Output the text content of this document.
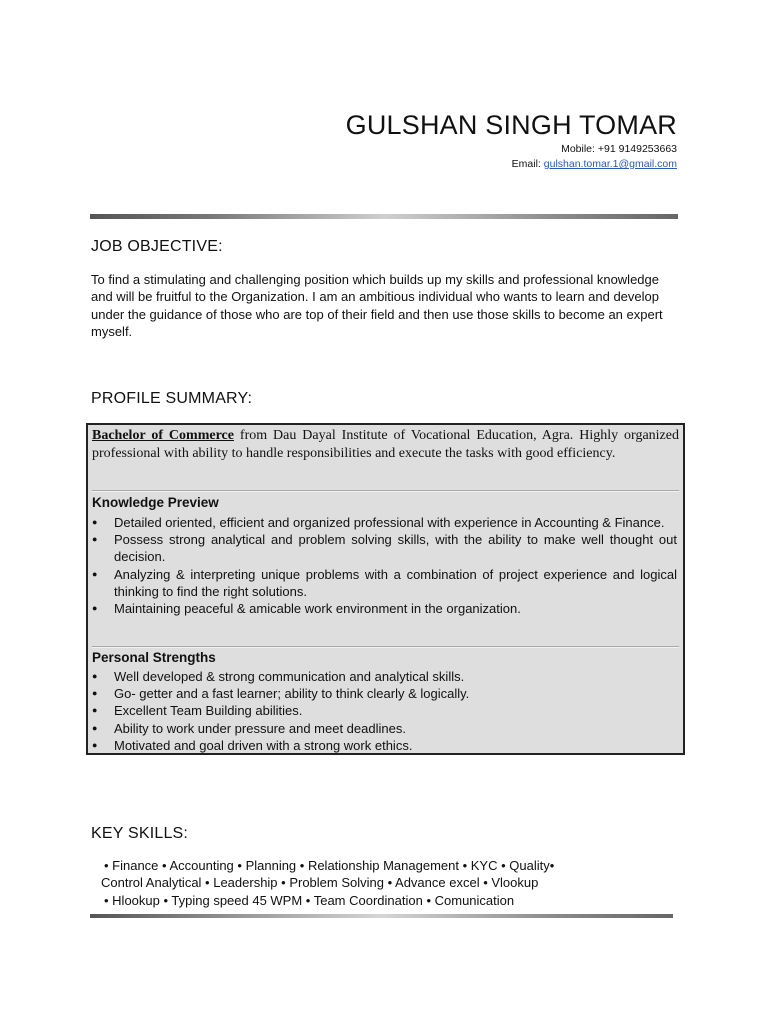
GULSHAN SINGH TOMAR
Mobile: +91 9149253663
Email: gulshan.tomar.1@gmail.com
JOB OBJECTIVE:
To find a stimulating and challenging position which builds up my skills and professional knowledge and will be fruitful to the Organization. I am an ambitious individual who wants to learn and develop under the guidance of those who are top of their field and then use those skills to become an expert myself.
PROFILE SUMMARY:
Bachelor of Commerce from Dau Dayal Institute of Vocational Education, Agra. Highly organized professional with ability to handle responsibilities and execute the tasks with good efficiency.
Knowledge Preview
● Detailed oriented, efficient and organized professional with experience in Accounting & Finance.
● Possess strong analytical and problem solving skills, with the ability to make well thought out decision.
● Analyzing & interpreting unique problems with a combination of project experience and logical thinking to find the right solutions.
● Maintaining peaceful & amicable work environment in the organization.
Personal Strengths
● Well developed & strong communication and analytical skills.
● Go- getter and a fast learner; ability to think clearly & logically.
● Excellent Team Building abilities.
● Ability to work under pressure and meet deadlines.
● Motivated and goal driven with a strong work ethics.
KEY SKILLS:
• Finance • Accounting • Planning • Relationship Management • KYC • Quality•
Control Analytical • Leadership • Problem Solving • Advance excel • Vlookup
• Hlookup • Typing speed 45 WPM • Team Coordination • Comunication
